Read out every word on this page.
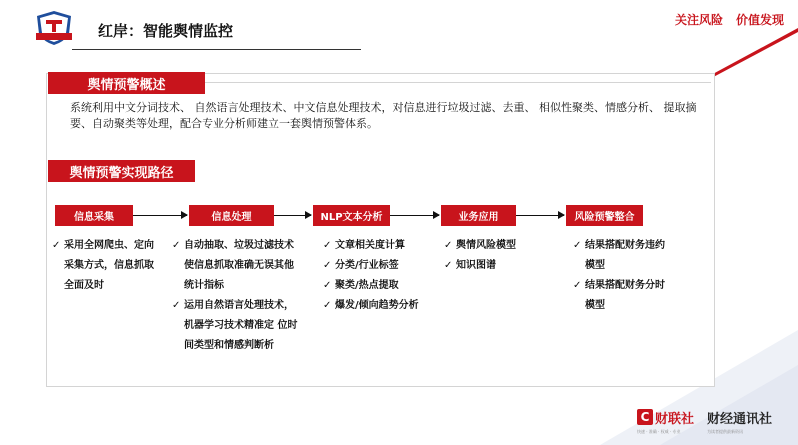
红岸：智能舆情监控
关注风险 价值发现
舆情预警概述
系统利用中文分词技术、 自然语言处理技术、中文信息处理技术，对信息进行垃圾过滤、去重、 相似性聚类、情感分析、 提取摘要、自动聚类等处理，配合专业分析师建立一套舆情预警体系。
舆情预警实现路径
信息采集	信息处理	NLP文本分析	业务应用	风险预警整合
✓ 采用全网爬虫、定向 采集方式，信息抓取 全面及时
✓ 自动抽取、垃圾过滤技术使信息抓取准确无误其他统计指标
✓ 运用自然语言处理技术，机器学习技术精准定 位时间类型和情感判断析
✓ 文章相关度计算
✓ 分类/行业标签
✓ 聚类/热点提取
✓ 爆发/倾向趋势分析
✓ 舆情风险模型
✓ 知识图谱
✓ 结果搭配财务违约模型
✓ 结果搭配财务分时模型
C 财联社 财经通讯社
快速 · 准确 · 权威 · 专业	为读者提供最新资讯
